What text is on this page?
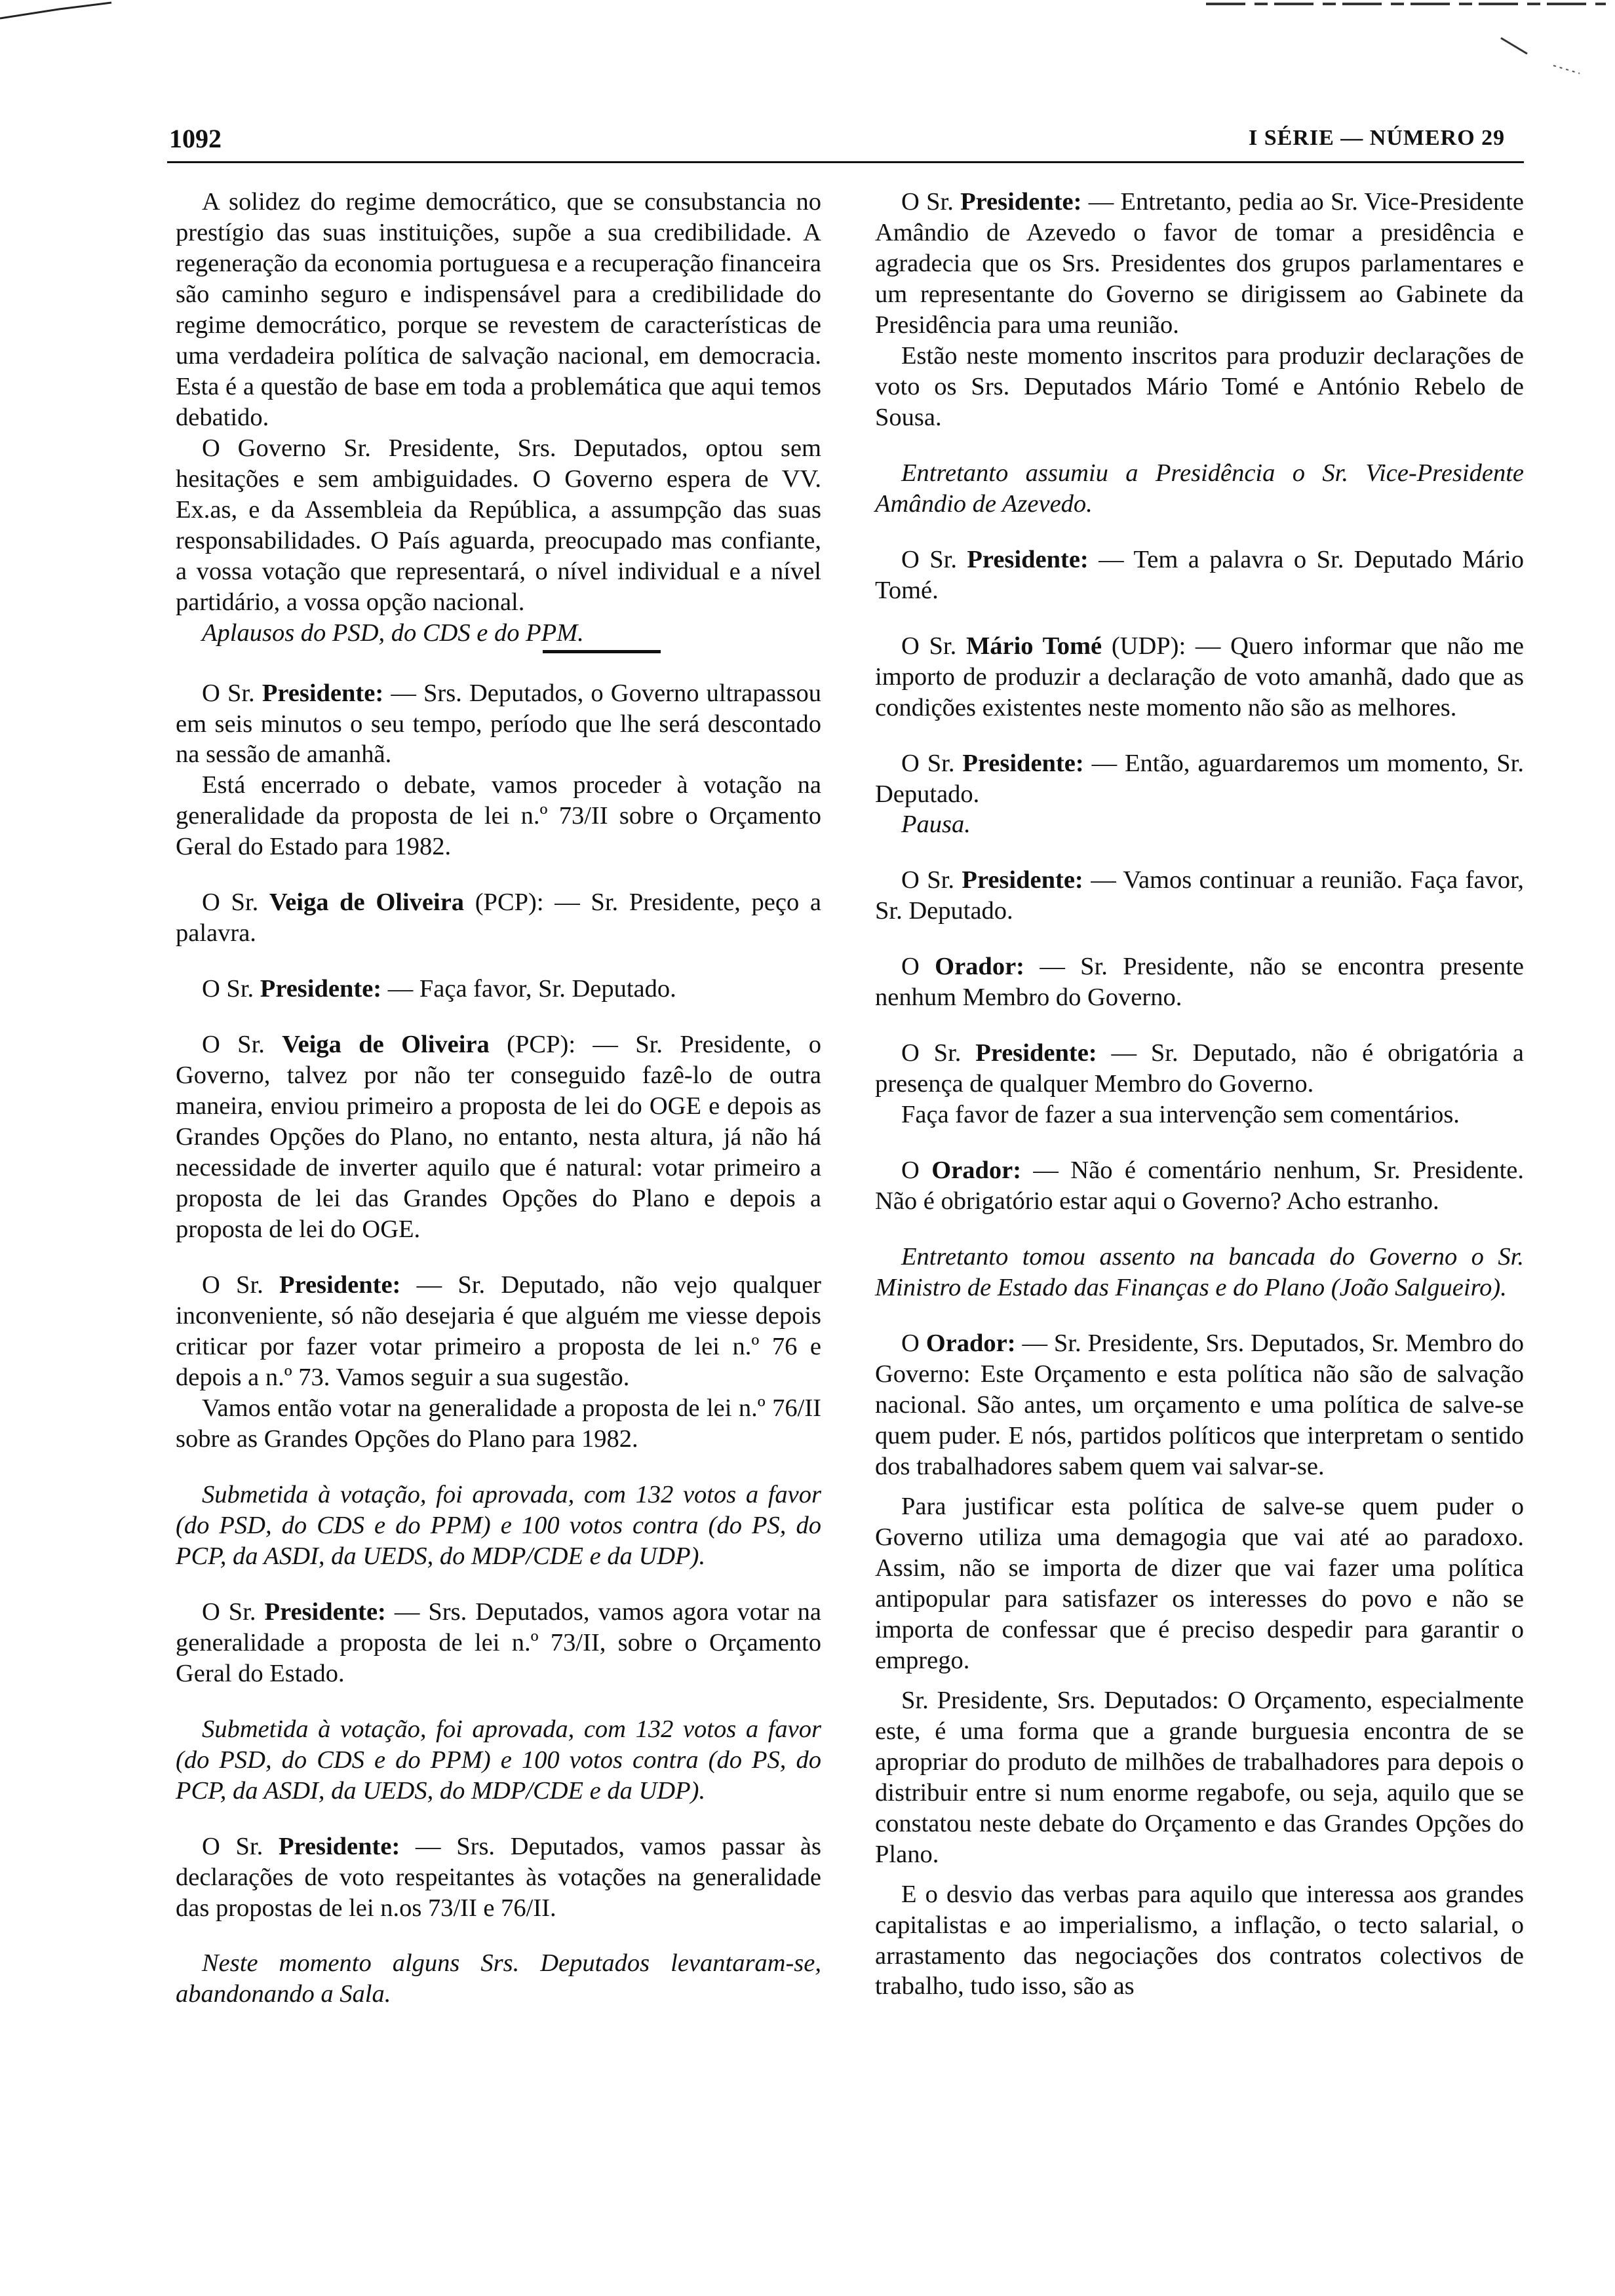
1092	I SÉRIE — NÚMERO 29

A solidez do regime democrático, que se consubstancia no prestígio das suas instituições, supõe a sua credibilidade. A regeneração da economia portuguesa e a recuperação financeira são caminho seguro e indispensável para a credibilidade do regime democrático, porque se revestem de características de uma verdadeira política de salvação nacional, em democracia. Esta é a questão de base em toda a problemática que aqui temos debatido.

O Governo Sr. Presidente, Srs. Deputados, optou sem hesitações e sem ambiguidades. O Governo espera de VV. Ex.as, e da Assembleia da República, a assumpção das suas responsabilidades. O País aguarda, preocupado mas confiante, a vossa votação que representará, o nível individual e a nível partidário, a vossa opção nacional.

Aplausos do PSD, do CDS e do PPM.

O Sr. Presidente: — Srs. Deputados, o Governo ultrapassou em seis minutos o seu tempo, período que lhe será descontado na sessão de amanhã.

Está encerrado o debate, vamos proceder à votação na generalidade da proposta de lei n.º 73/II sobre o Orçamento Geral do Estado para 1982.

O Sr. Veiga de Oliveira (PCP): — Sr. Presidente, peço a palavra.

O Sr. Presidente: — Faça favor, Sr. Deputado.

O Sr. Veiga de Oliveira (PCP): — Sr. Presidente, o Governo, talvez por não ter conseguido fazê-lo de outra maneira, enviou primeiro a proposta de lei do OGE e depois as Grandes Opções do Plano, no entanto, nesta altura, já não há necessidade de inverter aquilo que é natural: votar primeiro a proposta de lei das Grandes Opções do Plano e depois a proposta de lei do OGE.

O Sr. Presidente: — Sr. Deputado, não vejo qualquer inconveniente, só não desejaria é que alguém me viesse depois criticar por fazer votar primeiro a proposta de lei n.º 76 e depois a n.º 73. Vamos seguir a sua sugestão.

Vamos então votar na generalidade a proposta de lei n.º 76/II sobre as Grandes Opções do Plano para 1982.

Submetida à votação, foi aprovada, com 132 votos a favor (do PSD, do CDS e do PPM) e 100 votos contra (do PS, do PCP, da ASDI, da UEDS, do MDP/CDE e da UDP).

O Sr. Presidente: — Srs. Deputados, vamos agora votar na generalidade a proposta de lei n.º 73/II, sobre o Orçamento Geral do Estado.

Submetida à votação, foi aprovada, com 132 votos a favor (do PSD, do CDS e do PPM) e 100 votos contra (do PS, do PCP, da ASDI, da UEDS, do MDP/CDE e da UDP).

O Sr. Presidente: — Srs. Deputados, vamos passar às declarações de voto respeitantes às votações na generalidade das propostas de lei n.os 73/II e 76/II.

Neste momento alguns Srs. Deputados levantaram-se, abandonando a Sala.

O Sr. Presidente: — Entretanto, pedia ao Sr. Vice-Presidente Amândio de Azevedo o favor de tomar a presidência e agradecia que os Srs. Presidentes dos grupos parlamentares e um representante do Governo se dirigissem ao Gabinete da Presidência para uma reunião.

Estão neste momento inscritos para produzir declarações de voto os Srs. Deputados Mário Tomé e António Rebelo de Sousa.

Entretanto assumiu a Presidência o Sr. Vice-Presidente Amândio de Azevedo.

O Sr. Presidente: — Tem a palavra o Sr. Deputado Mário Tomé.

O Sr. Mário Tomé (UDP): — Quero informar que não me importo de produzir a declaração de voto amanhã, dado que as condições existentes neste momento não são as melhores.

O Sr. Presidente: — Então, aguardaremos um momento, Sr. Deputado.

Pausa.

O Sr. Presidente: — Vamos continuar a reunião. Faça favor, Sr. Deputado.

O Orador: — Sr. Presidente, não se encontra presente nenhum Membro do Governo.

O Sr. Presidente: — Sr. Deputado, não é obrigatória a presença de qualquer Membro do Governo.

Faça favor de fazer a sua intervenção sem comentários.

O Orador: — Não é comentário nenhum, Sr. Presidente. Não é obrigatório estar aqui o Governo? Acho estranho.

Entretanto tomou assento na bancada do Governo o Sr. Ministro de Estado das Finanças e do Plano (João Salgueiro).

O Orador: — Sr. Presidente, Srs. Deputados, Sr. Membro do Governo: Este Orçamento e esta política não são de salvação nacional. São antes, um orçamento e uma política de salve-se quem puder. E nós, partidos políticos que interpretam o sentido dos trabalhadores sabem quem vai salvar-se.

Para justificar esta política de salve-se quem puder o Governo utiliza uma demagogia que vai até ao paradoxo. Assim, não se importa de dizer que vai fazer uma política antipopular para satisfazer os interesses do povo e não se importa de confessar que é preciso despedir para garantir o emprego.

Sr. Presidente, Srs. Deputados: O Orçamento, especialmente este, é uma forma que a grande burguesia encontra de se apropriar do produto de milhões de trabalhadores para depois o distribuir entre si num enorme regabofe, ou seja, aquilo que se constatou neste debate do Orçamento e das Grandes Opções do Plano.

E o desvio das verbas para aquilo que interessa aos grandes capitalistas e ao imperialismo, a inflação, o tecto salarial, o arrastamento das negociações dos contratos colectivos de trabalho, tudo isso, são as
